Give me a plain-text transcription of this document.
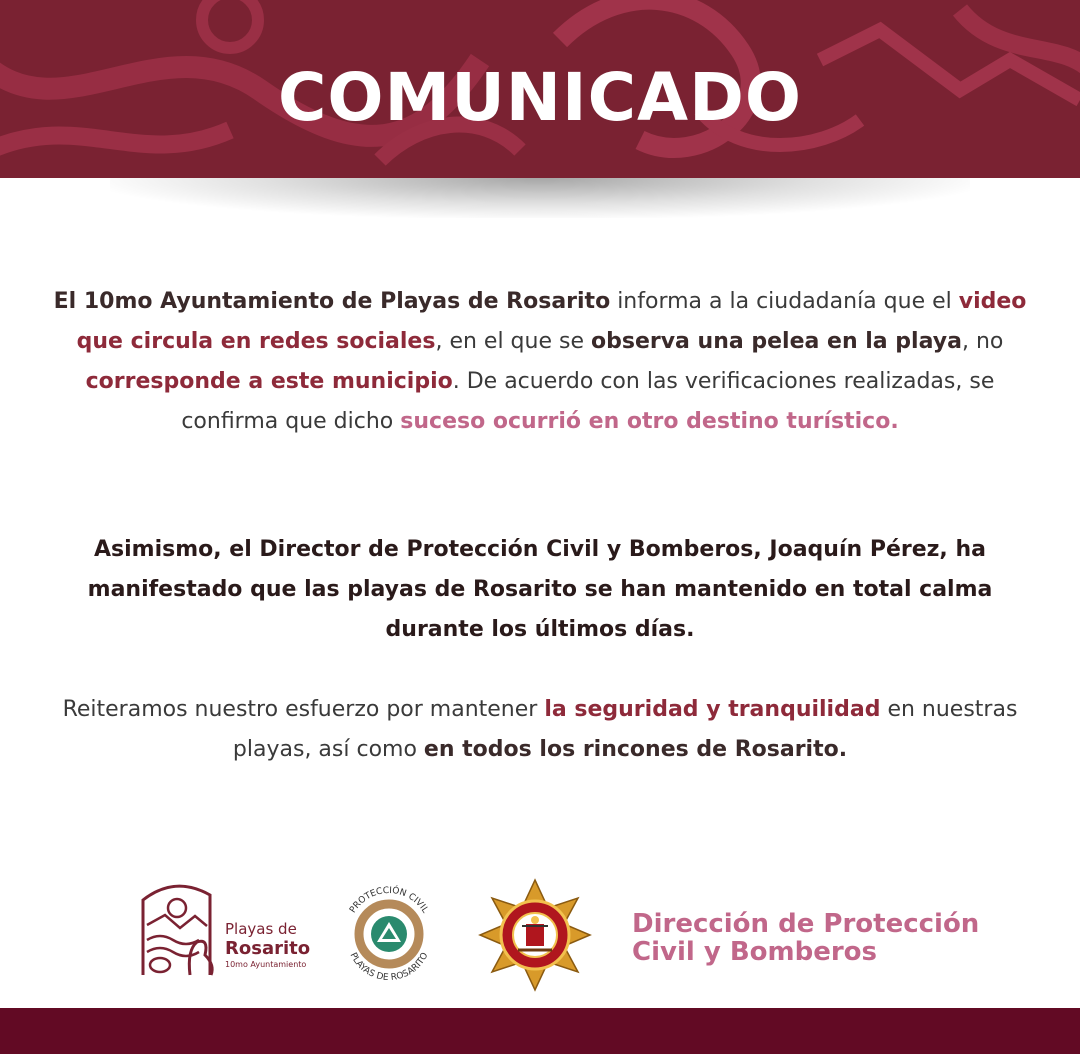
COMUNICADO
El 10mo Ayuntamiento de Playas de Rosarito informa a la ciudadanía que el video que circula en redes sociales, en el que se observa una pelea en la playa, no corresponde a este municipio. De acuerdo con las verificaciones realizadas, se confirma que dicho suceso ocurrió en otro destino turístico.
Asimismo, el Director de Protección Civil y Bomberos, Joaquín Pérez, ha manifestado que las playas de Rosarito se han mantenido en total calma durante los últimos días.
Reiteramos nuestro esfuerzo por mantener la seguridad y tranquilidad en nuestras playas, así como en todos los rincones de Rosarito.
Playas de
Rosarito
10mo Ayuntamiento
PROTECCIÓN CIVIL
PLAYAS DE ROSARITO
Dirección de Protección
Civil y Bomberos
